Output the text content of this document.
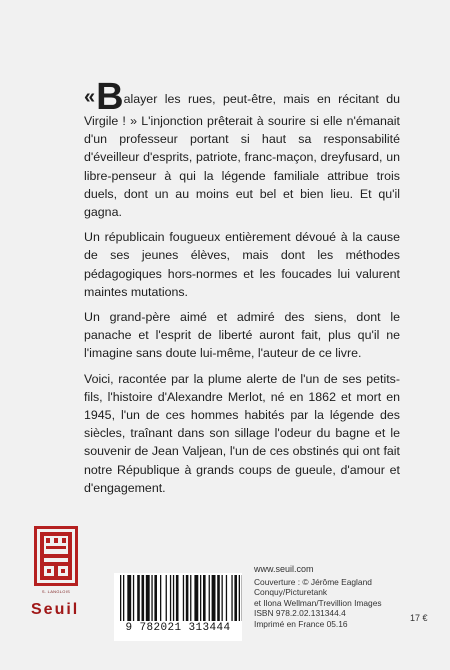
«Balayer les rues, peut-être, mais en récitant du Virgile ! » L'injonction prêterait à sourire si elle n'émanait d'un professeur portant si haut sa responsabilité d'éveilleur d'esprits, patriote, franc-maçon, dreyfusard, un libre-penseur à qui la légende familiale attribue trois duels, dont un au moins eut bel et bien lieu. Et qu'il gagna.

Un républicain fougueux entièrement dévoué à la cause de ses jeunes élèves, mais dont les méthodes pédagogiques hors-normes et les foucades lui valurent maintes mutations.

Un grand-père aimé et admiré des siens, dont le panache et l'esprit de liberté auront fait, plus qu'il ne l'imagine sans doute lui-même, l'auteur de ce livre.

Voici, racontée par la plume alerte de l'un de ses petits-fils, l'histoire d'Alexandre Merlot, né en 1862 et mort en 1945, l'un de ces hommes habités par la légende des siècles, traînant dans son sillage l'odeur du bagne et le souvenir de Jean Valjean, l'un de ces obstinés qui ont fait notre République à grands coups de gueule, d'amour et d'engagement.

S. LANGLOIS
Seuil
9 782021 313444
www.seuil.com
Couverture : © Jérôme Eagland Conquy/Picturetank
et Ilona Wellman/Trevillion Images
ISBN 978.2.02.131344.4
Imprimé en France 05.16
17 €
